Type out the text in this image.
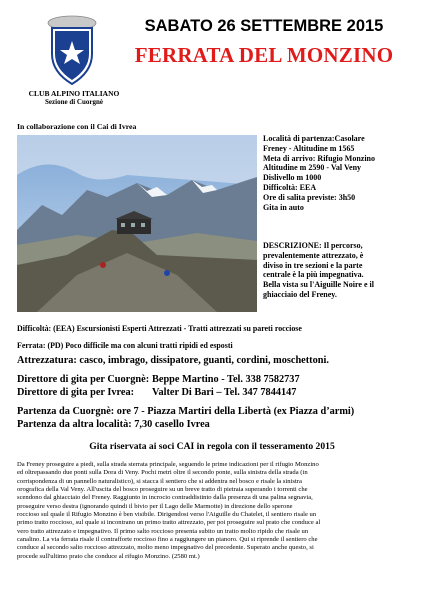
CLUB ALPINO ITALIANO
Sezione di Cuorgnè
SABATO 26 SETTEMBRE 2015
FERRATA DEL MONZINO
In collaborazione con il Cai di Ivrea
Località di partenza:Casolare
Freney - Altitudine m 1565
Meta di arrivo: Rifugio Monzino
Altitudine m 2590 - Val Veny
Dislivello m 1000
Difficoltà: EEA
Ore di salita previste: 3h50
Gita in auto
DESCRIZIONE: Il percorso,
prevalentemente attrezzato, è
diviso in tre sezioni e la parte
centrale è la più impegnativa.
Bella vista su l'Aiguille Noire e il
ghiacciaio del Freney.
Difficoltà: (EEA) Escursionisti Esperti Attrezzati - Tratti attrezzati su pareti rocciose
Ferrata: (PD) Poco difficile ma con alcuni tratti ripidi ed esposti
Attrezzatura: casco, imbrago, dissipatore, guanti, cordini, moschettoni.
Direttore di gita per Cuorgnè: Beppe Martino - Tel. 338 7582737
Direttore di gita per Ivrea: Valter Di Bari – Tel. 347 7844147
Partenza da Cuorgnè: ore 7 - Piazza Martiri della Libertà (ex Piazza d’armi)
Partenza da altra località: 7,30 casello Ivrea
Gita riservata ai soci CAI in regola con il tesseramento 2015
Da Freney proseguire a piedi, sulla strada sterrata principale, seguendo le prime indicazioni per il rifugio Monzino
ed oltrepassando due ponti sulla Dora di Veny. Pochi metri oltre il secondo ponte, sulla sinistra della strada (in
corrispondenza di un pannello naturalistico), si stacca il sentiero che si addentra nel bosco e risale la sinistra
orografica della Val Veny. All'uscita del bosco proseguire su un breve tratto di pietraia superando i torrenti che
scendono dal ghiacciaio del Freney. Raggiunto in incrocio contraddistinto dalla presenza di una palina segnavia,
proseguire verso destra (ignorando quindi il bivio per il Lago delle Marmotte) in direzione dello sperone
roccioso sul quale il Rifugio Monzino è ben visibile. Dirigendosi verso l'Aiguille du Chatelet, il sentiero risale un
primo tratto roccioso, sul quale si incontrano un primo tratto attrezzato, per poi proseguire sul prato che conduce al
vero tratto attrezzato e impegnativo. Il primo salto roccioso presenta subito un tratto molto ripido che risale un
canalino. La via ferrata risale il contrafforte roccioso fino a raggiungere un pianoro. Qui si riprende il sentiero che
conduce al secondo salto roccioso attrezzato, molto meno impegnativo del precedente. Superato anche questo, si
procede sull'ultimo prato che conduce al rifugio Monzino. (2580 mt.)
